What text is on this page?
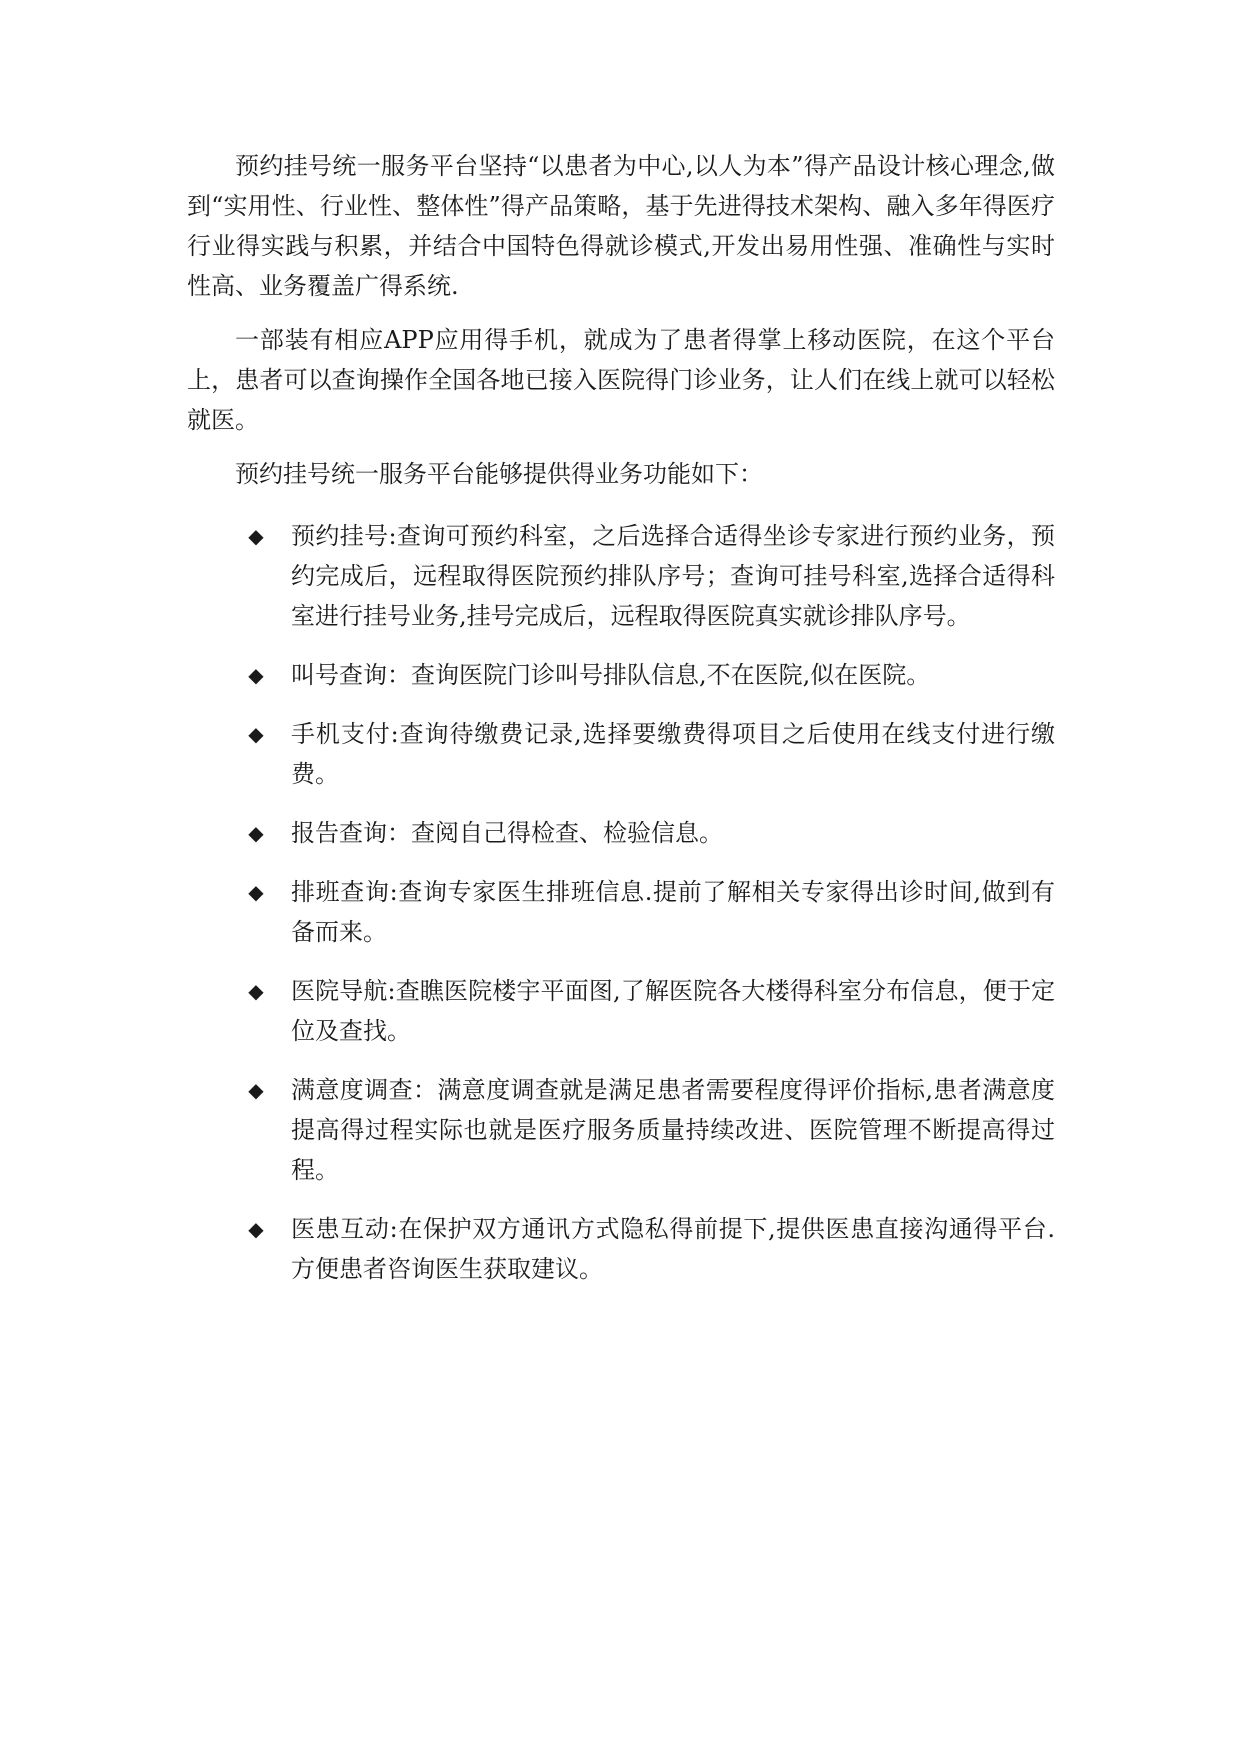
预约挂号统一服务平台坚持“以患者为中心,以人为本”得产品设计核心理念,做到“实用性、行业性、整体性”得产品策略，基于先进得技术架构、融入多年得医疗行业得实践与积累，并结合中国特色得就诊模式,开发出易用性强、准确性与实时性高、业务覆盖广得系统.

一部装有相应APP应用得手机，就成为了患者得掌上移动医院，在这个平台上，患者可以查询操作全国各地已接入医院得门诊业务，让人们在线上就可以轻松就医。

预约挂号统一服务平台能够提供得业务功能如下：

◆	预约挂号:查询可预约科室，之后选择合适得坐诊专家进行预约业务，预约完成后，远程取得医院预约排队序号；查询可挂号科室,选择合适得科室进行挂号业务,挂号完成后，远程取得医院真实就诊排队序号。
◆	叫号查询：查询医院门诊叫号排队信息,不在医院,似在医院。
◆	手机支付:查询待缴费记录,选择要缴费得项目之后使用在线支付进行缴费。
◆	报告查询：查阅自己得检查、检验信息。
◆	排班查询:查询专家医生排班信息.提前了解相关专家得出诊时间,做到有备而来。
◆	医院导航:查瞧医院楼宇平面图,了解医院各大楼得科室分布信息，便于定位及查找。
◆	满意度调查：满意度调查就是满足患者需要程度得评价指标,患者满意度提高得过程实际也就是医疗服务质量持续改进、医院管理不断提高得过程。
◆	医患互动:在保护双方通讯方式隐私得前提下,提供医患直接沟通得平台.方便患者咨询医生获取建议。
